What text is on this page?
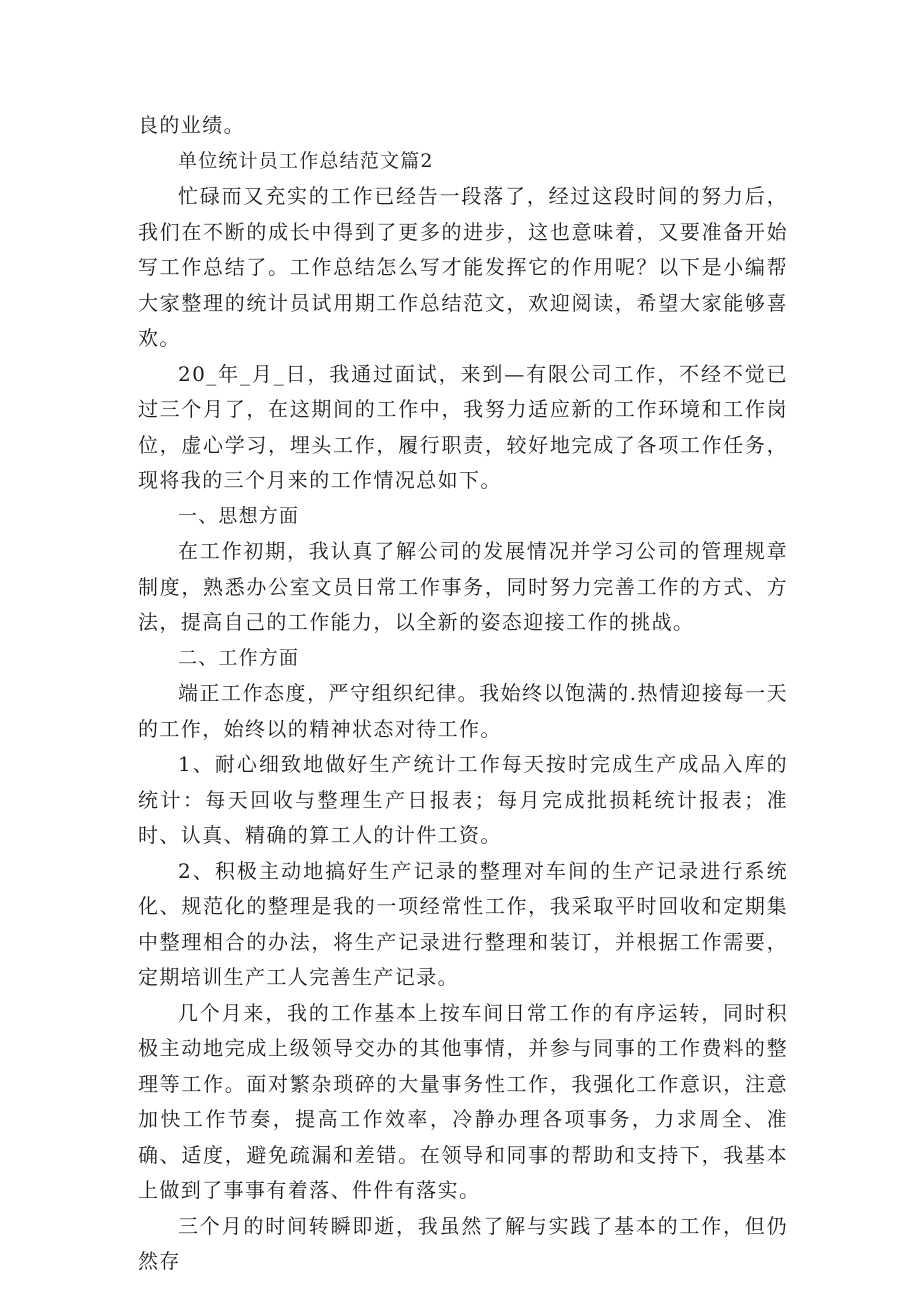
良的业绩。

单位统计员工作总结范文篇2

忙碌而又充实的工作已经告一段落了，经过这段时间的努力后，我们在不断的成长中得到了更多的进步，这也意味着，又要准备开始写工作总结了。工作总结怎么写才能发挥它的作用呢？以下是小编帮大家整理的统计员试用期工作总结范文，欢迎阅读，希望大家能够喜欢。

20_年_月_日，我通过面试，来到—有限公司工作，不经不觉已过三个月了，在这期间的工作中，我努力适应新的工作环境和工作岗位，虚心学习，埋头工作，履行职责，较好地完成了各项工作任务，现将我的三个月来的工作情况总如下。

一、思想方面

在工作初期，我认真了解公司的发展情况并学习公司的管理规章制度，熟悉办公室文员日常工作事务，同时努力完善工作的方式、方法，提高自己的工作能力，以全新的姿态迎接工作的挑战。

二、工作方面

端正工作态度，严守组织纪律。我始终以饱满的.热情迎接每一天的工作，始终以的精神状态对待工作。

1、耐心细致地做好生产统计工作每天按时完成生产成品入库的统计：每天回收与整理生产日报表；每月完成批损耗统计报表；准时、认真、精确的算工人的计件工资。

2、积极主动地搞好生产记录的整理对车间的生产记录进行系统化、规范化的整理是我的一项经常性工作，我采取平时回收和定期集中整理相合的办法，将生产记录进行整理和装订，并根据工作需要，定期培训生产工人完善生产记录。

几个月来，我的工作基本上按车间日常工作的有序运转，同时积极主动地完成上级领导交办的其他事情，并参与同事的工作费料的整理等工作。面对繁杂琐碎的大量事务性工作，我强化工作意识，注意加快工作节奏，提高工作效率，冷静办理各项事务，力求周全、准确、适度，避免疏漏和差错。在领导和同事的帮助和支持下，我基本上做到了事事有着落、件件有落实。

三个月的时间转瞬即逝，我虽然了解与实践了基本的工作，但仍然存
